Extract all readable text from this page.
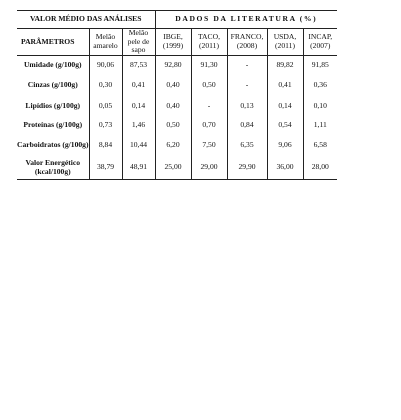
VALOR MÉDIO DAS ANÁLISES			DADOS DA LITERATURA (%)				
PARÂMETROS	Melão amarelo	Melão pele de sapo	IBGE, (1999)	TACO, (2011)	FRANCO, (2008)	USDA, (2011)	INCAP, (2007)
Umidade (g/100g)	90,06	87,53	92,80	91,30	-	89,82	91,85
Cinzas (g/100g)	0,30	0,41	0,40	0,50	-	0,41	0,36
Lipídios (g/100g)	0,05	0,14	0,40	-	0,13	0,14	0,10
Proteínas (g/100g)	0,73	1,46	0,50	0,70	0,84	0,54	1,11
Carboidratos (g/100g)	8,84	10,44	6,20	7,50	6,35	9,06	6,58
Valor Energético (kcal/100g)	38,79	48,91	25,00	29,00	29,90	36,00	28,00
